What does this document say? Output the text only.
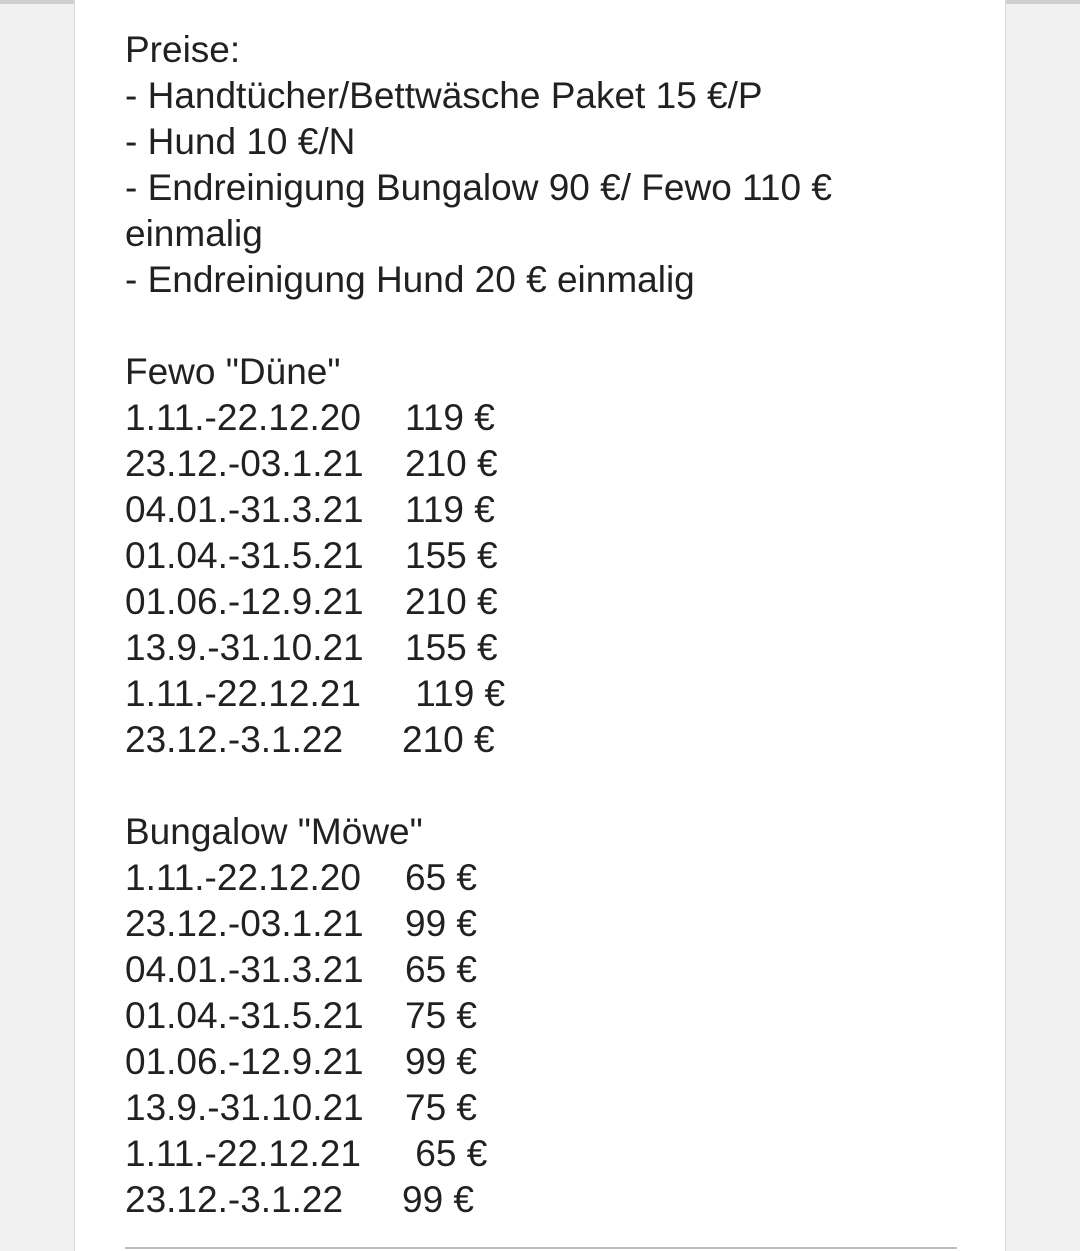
Preise:
- Handtücher/Bettwäsche Paket 15 €/P
- Hund 10 €/N
- Endreinigung Bungalow 90 €/ Fewo 110 € einmalig
- Endreinigung Hund 20 € einmalig
Fewo "Düne"
1.11.-22.12.20	119 €
23.12.-03.1.21	210 €
04.01.-31.3.21	119 €
01.04.-31.5.21	155 €
01.06.-12.9.21	210 €
13.9.-31.10.21	155 €
1.11.-22.12.21	119 €
23.12.-3.1.22	210 €
Bungalow "Möwe"
1.11.-22.12.20	65 €
23.12.-03.1.21	99 €
04.01.-31.3.21	65 €
01.04.-31.5.21	75 €
01.06.-12.9.21	99 €
13.9.-31.10.21	75 €
1.11.-22.12.21	65 €
23.12.-3.1.22	99 €
